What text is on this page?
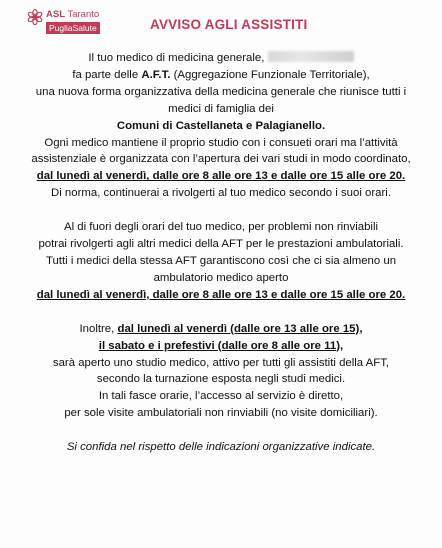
ASL Taranto
PugliaSalute	AVVISO AGLI ASSISTITI
Il tuo medico di medicina generale,
fa parte delle A.F.T. (Aggregazione Funzionale Territoriale),
una nuova forma organizzativa della medicina generale che riunisce tutti i
medici di famiglia dei
Comuni di Castellaneta e Palagianello.
Ogni medico mantiene il proprio studio con i consueti orari ma l’attività
assistenziale è organizzata con l’apertura dei vari studi in modo coordinato,
dal lunedì al venerdì, dalle ore 8 alle ore 13 e dalle ore 15 alle ore 20.
Di norma, continuerai a rivolgerti al tuo medico secondo i suoi orari.
Al di fuori degli orari del tuo medico, per problemi non rinviabili
potrai rivolgerti agli altri medici della AFT per le prestazioni ambulatoriali.
Tutti i medici della stessa AFT garantiscono così che ci sia almeno un
ambulatorio medico aperto
dal lunedì al venerdì, dalle ore 8 alle ore 13 e dalle ore 15 alle ore 20.
Inoltre, dal lunedì al venerdì (dalle ore 13 alle ore 15),
il sabato e i prefestivi (dalle ore 8 alle ore 11),
sarà aperto uno studio medico, attivo per tutti gli assistiti della AFT,
secondo la turnazione esposta negli studi medici.
In tali fasce orarie, l’accesso al servizio è diretto,
per sole visite ambulatoriali non rinviabili (no visite domiciliari).
Si confida nel rispetto delle indicazioni organizzative indicate.
